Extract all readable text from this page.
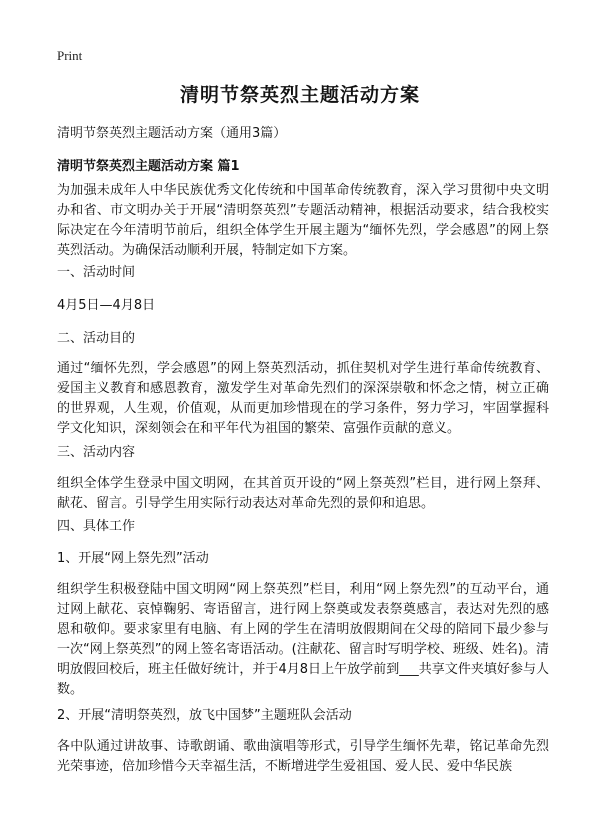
Print
清明节祭英烈主题活动方案
清明节祭英烈主题活动方案（通用3篇）
清明节祭英烈主题活动方案 篇1
为加强未成年人中华民族优秀文化传统和中国革命传统教育，深入学习贯彻中央文明办和省、市文明办关于开展“清明祭英烈”专题活动精神，根据活动要求，结合我校实际决定在今年清明节前后，组织全体学生开展主题为“缅怀先烈，学会感恩”的网上祭英烈活动。为确保活动顺利开展，特制定如下方案。
一、活动时间
4月5日—4月8日
二、活动目的
通过“缅怀先烈，学会感恩”的网上祭英烈活动，抓住契机对学生进行革命传统教育、爱国主义教育和感恩教育，激发学生对革命先烈们的深深崇敬和怀念之情，树立正确的世界观，人生观，价值观，从而更加珍惜现在的学习条件，努力学习，牢固掌握科学文化知识，深刻领会在和平年代为祖国的繁荣、富强作贡献的意义。
三、活动内容
组织全体学生登录中国文明网，在其首页开设的“网上祭英烈”栏目，进行网上祭拜、献花、留言。引导学生用实际行动表达对革命先烈的景仰和追思。
四、具体工作
1、开展“网上祭先烈”活动
组织学生积极登陆中国文明网“网上祭英烈”栏目，利用“网上祭先烈”的互动平台，通过网上献花、哀悼鞠躬、寄语留言，进行网上祭奠或发表祭奠感言，表达对先烈的感恩和敬仰。要求家里有电脑、有上网的学生在清明放假期间在父母的陪同下最少参与一次“网上祭英烈”的网上签名寄语活动。(注献花、留言时写明学校、班级、姓名)。清明放假回校后，班主任做好统计，并于4月8日上午放学前到___共享文件夹填好参与人数。
2、开展“清明祭英烈，放飞中国梦”主题班队会活动
各中队通过讲故事、诗歌朗诵、歌曲演唱等形式，引导学生缅怀先辈，铭记革命先烈光荣事迹，倍加珍惜今天幸福生活，不断增进学生爱祖国、爱人民、爱中华民族
